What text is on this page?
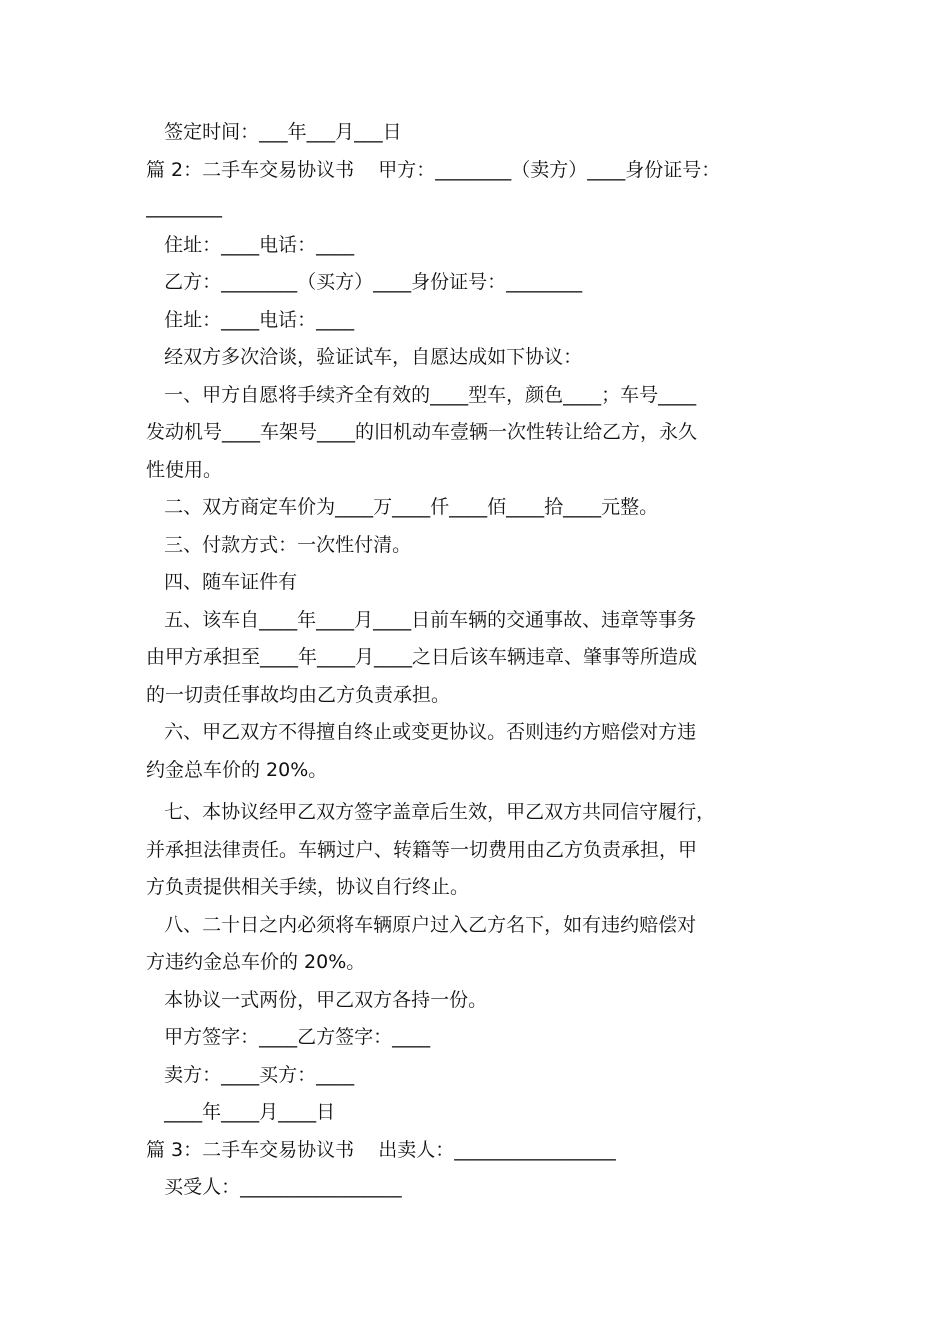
签定时间：___年___月___日
篇 2：二手车交易协议书    甲方：________（卖方）____身份证号：
________
住址：____电话：____
乙方：________（买方）____身份证号：________
住址：____电话：____
经双方多次洽谈，验证试车，自愿达成如下协议：
一、甲方自愿将手续齐全有效的____型车，颜色____；车号____
发动机号____车架号____的旧机动车壹辆一次性转让给乙方，永久
性使用。
二、双方商定车价为____万____仟____佰____拾____元整。
三、付款方式：一次性付清。
四、随车证件有
五、该车自____年____月____日前车辆的交通事故、违章等事务
由甲方承担至____年____月____之日后该车辆违章、肇事等所造成
的一切责任事故均由乙方负责承担。
六、甲乙双方不得擅自终止或变更协议。否则违约方赔偿对方违
约金总车价的 20%。
七、本协议经甲乙双方签字盖章后生效，甲乙双方共同信守履行，
并承担法律责任。车辆过户、转籍等一切费用由乙方负责承担，甲
方负责提供相关手续，协议自行终止。
八、二十日之内必须将车辆原户过入乙方名下，如有违约赔偿对
方违约金总车价的 20%。
本协议一式两份，甲乙双方各持一份。
甲方签字：____乙方签字：____
卖方：____买方：____
____年____月____日
篇 3：二手车交易协议书    出卖人：_________________
买受人：_________________
